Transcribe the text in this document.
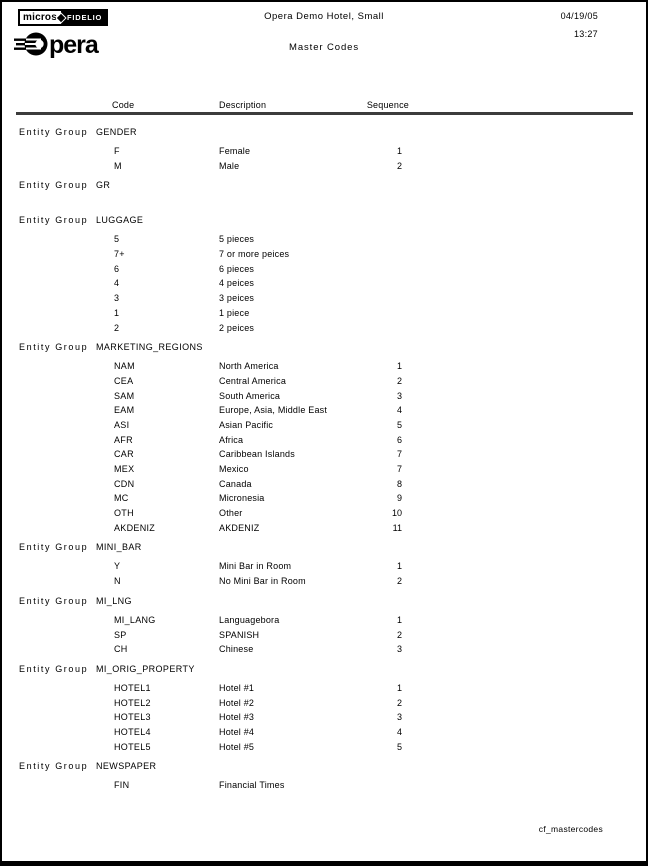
micros	FIDELIO
pera
Opera Demo Hotel, Small
Master Codes
04/19/05
13:27
Code	Description	Sequence
Entity Group GENDER
F	Female	1
M	Male	2
Entity Group GR
Entity Group LUGGAGE
5	5 pieces
7+	7 or more peices
6	6 pieces
4	4 peices
3	3 peices
1	1 piece
2	2 peices
Entity Group MARKETING_REGIONS
NAM	North America	1
CEA	Central America	2
SAM	South America	3
EAM	Europe, Asia, Middle East	4
ASI	Asian Pacific	5
AFR	Africa	6
CAR	Caribbean Islands	7
MEX	Mexico	7
CDN	Canada	8
MC	Micronesia	9
OTH	Other	10
AKDENIZ	AKDENIZ	11
Entity Group MINI_BAR
Y	Mini Bar in Room	1
N	No Mini Bar in Room	2
Entity Group MI_LNG
MI_LANG	Languagebora	1
SP	SPANISH	2
CH	Chinese	3
Entity Group MI_ORIG_PROPERTY
HOTEL1	Hotel #1	1
HOTEL2	Hotel #2	2
HOTEL3	Hotel #3	3
HOTEL4	Hotel #4	4
HOTEL5	Hotel #5	5
Entity Group NEWSPAPER
FIN	Financial Times
cf_mastercodes
